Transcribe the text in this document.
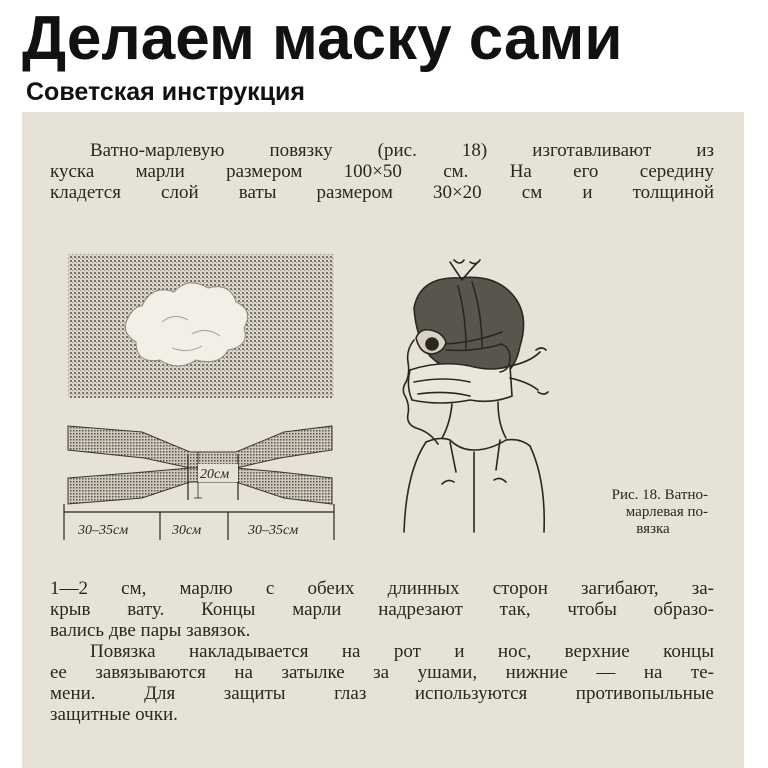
Делаем маску сами
Советская инструкция
Ватно-марлевую повязку (рис. 18) изготавливают из
куска марли размером 100×50 см. На его середину
кладется слой ваты размером 30×20 см и толщиной
20см
30–35см	30см	30–35см
Рис. 18. Ватно-
марлевая по-
вязка
1—2 см, марлю с обеих длинных сторон загибают, за-
крыв вату. Концы марли надрезают так, чтобы образо-
вались две пары завязок.
Повязка накладывается на рот и нос, верхние концы
ее завязываются на затылке за ушами, нижние — на те-
мени. Для защиты глаз используются противопыльные
защитные очки.
